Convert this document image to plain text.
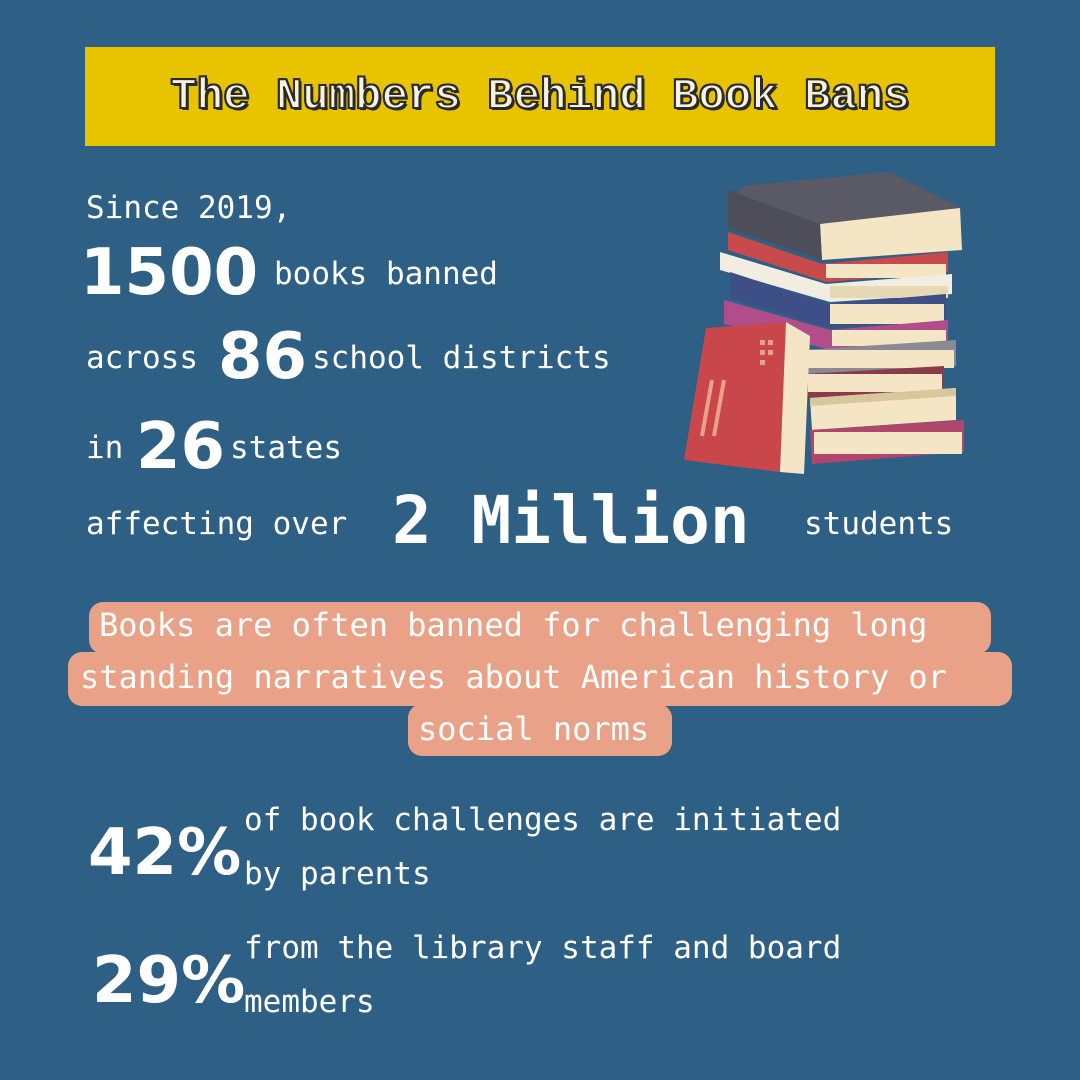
The Numbers Behind Book Bans
Since 2019,
1500 books banned
across 86 school districts
in 26 states
affecting over 2 Million students
Books are often banned for challenging long
standing narratives about American history or
social norms
42% of book challenges are initiated
by parents
29%
from the library staff and board
members
